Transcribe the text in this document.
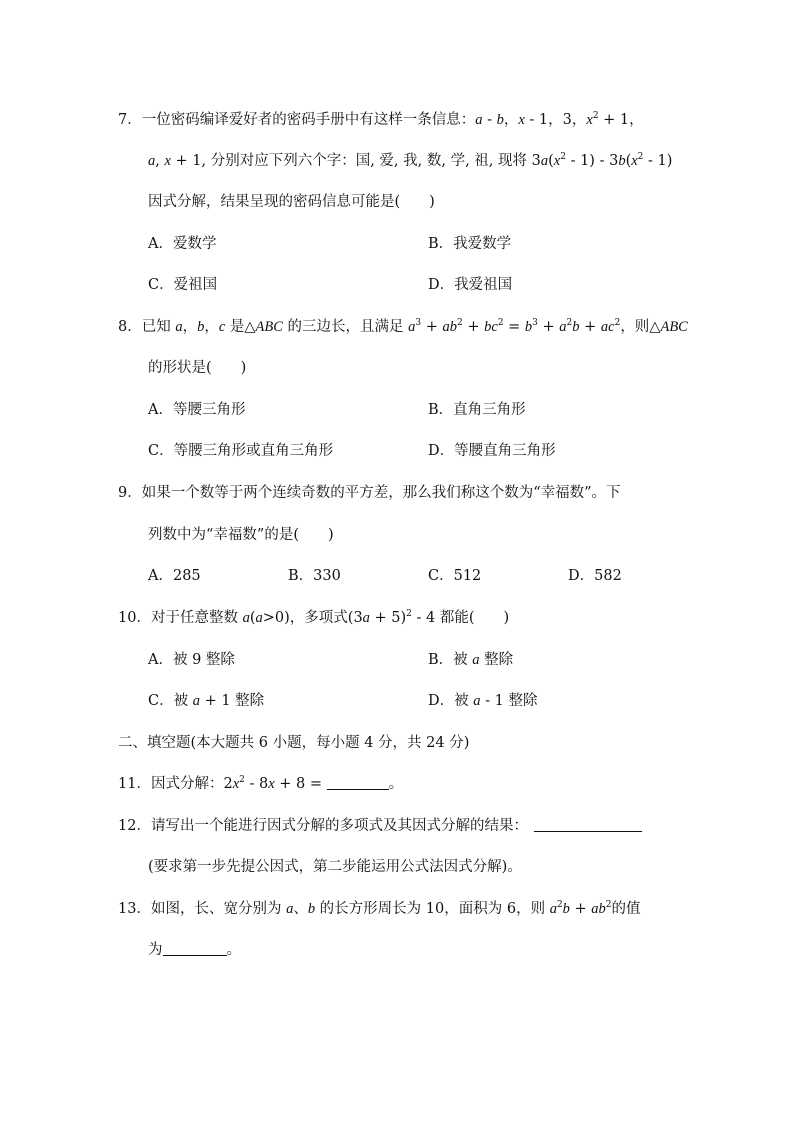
7．一位密码编译爱好者的密码手册中有这样一条信息：a - b，x - 1，3，$x^2 + 1$，
a, x + 1, 分别对应下列六个字：国, 爱, 我, 数, 学, 祖, 现将 $3a(x^2 - 1) - 3b(x^2 - 1)$
因式分解，结果呈现的密码信息可能是(　　)
A．爱数学	B．我爱数学
C．爱祖国	D．我爱祖国
8．已知 a，b，c 是△ABC 的三边长，且满足 $a^3 + ab^2 + bc^2 = b^3 + a^2b + ac^2$，则△ABC
的形状是(　　)
A．等腰三角形	B．直角三角形
C．等腰三角形或直角三角形	D．等腰直角三角形
9．如果一个数等于两个连续奇数的平方差，那么我们称这个数为“幸福数”。下
列数中为“幸福数”的是(　　)
A．285	B．330	C．512	D．582
10．对于任意整数 a(a>0)，多项式$(3a + 5)^2 - 4$ 都能(　　)
A．被 9 整除	B．被 a 整除
C．被 a + 1 整除	D．被 a - 1 整除
二、填空题(本大题共 6 小题，每小题 4 分，共 24 分)
11．因式分解：$2x^2 - 8x + 8$ =	。
12．请写出一个能进行因式分解的多项式及其因式分解的结果：
(要求第一步先提公因式，第二步能运用公式法因式分解)。
13．如图，长、宽分别为 a、b 的长方形周长为 10，面积为 6，则 $a^2b + ab^2$的值
为	。
